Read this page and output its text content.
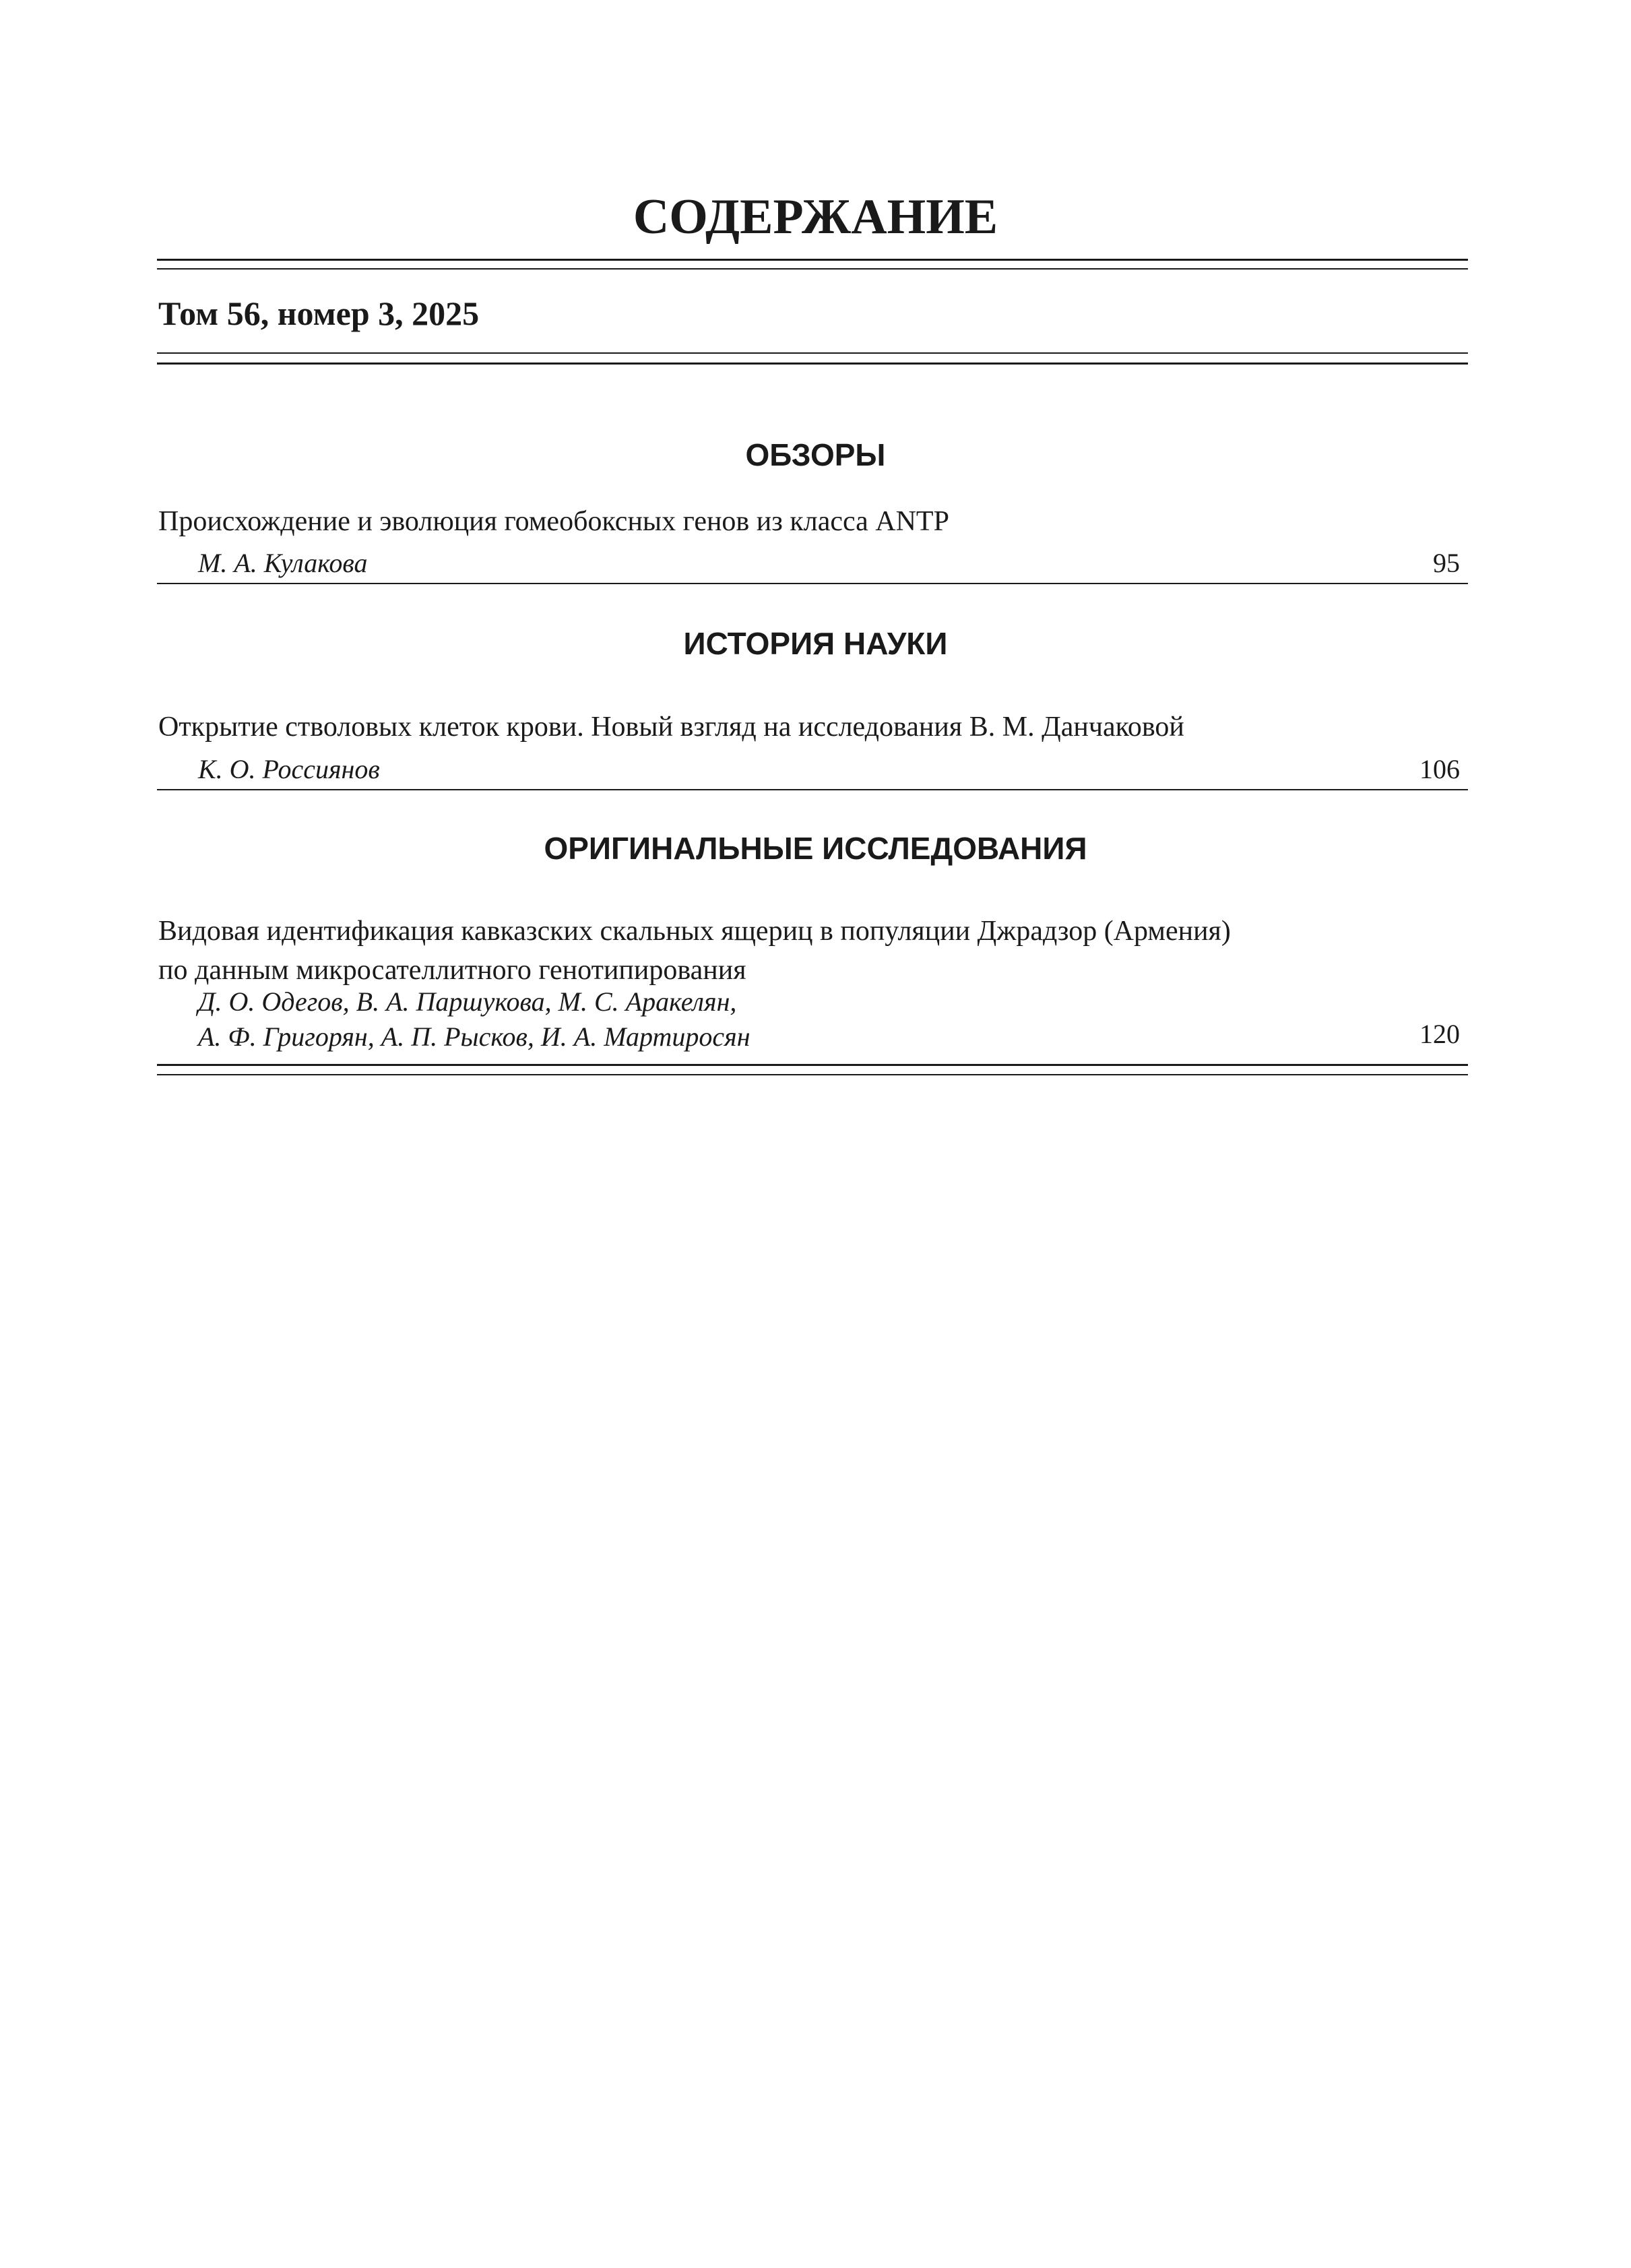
СОДЕРЖАНИЕ
Том 56, номер 3, 2025
ОБЗОРЫ
Происхождение и эволюция гомеобоксных генов из класса ANTP
М. А. Кулакова	95
ИСТОРИЯ НАУКИ
Открытие стволовых клеток крови. Новый взгляд на исследования В. М. Данчаковой
К. О. Россиянов	106
ОРИГИНАЛЬНЫЕ ИССЛЕДОВАНИЯ
Видовая идентификация кавказских скальных ящериц в популяции Джрадзор (Армения)
по данным микросателлитного генотипирования
Д. О. Одегов, В. А. Паршукова, М. С. Аракелян,
А. Ф. Григорян, А. П. Рысков, И. А. Мартиросян	120
